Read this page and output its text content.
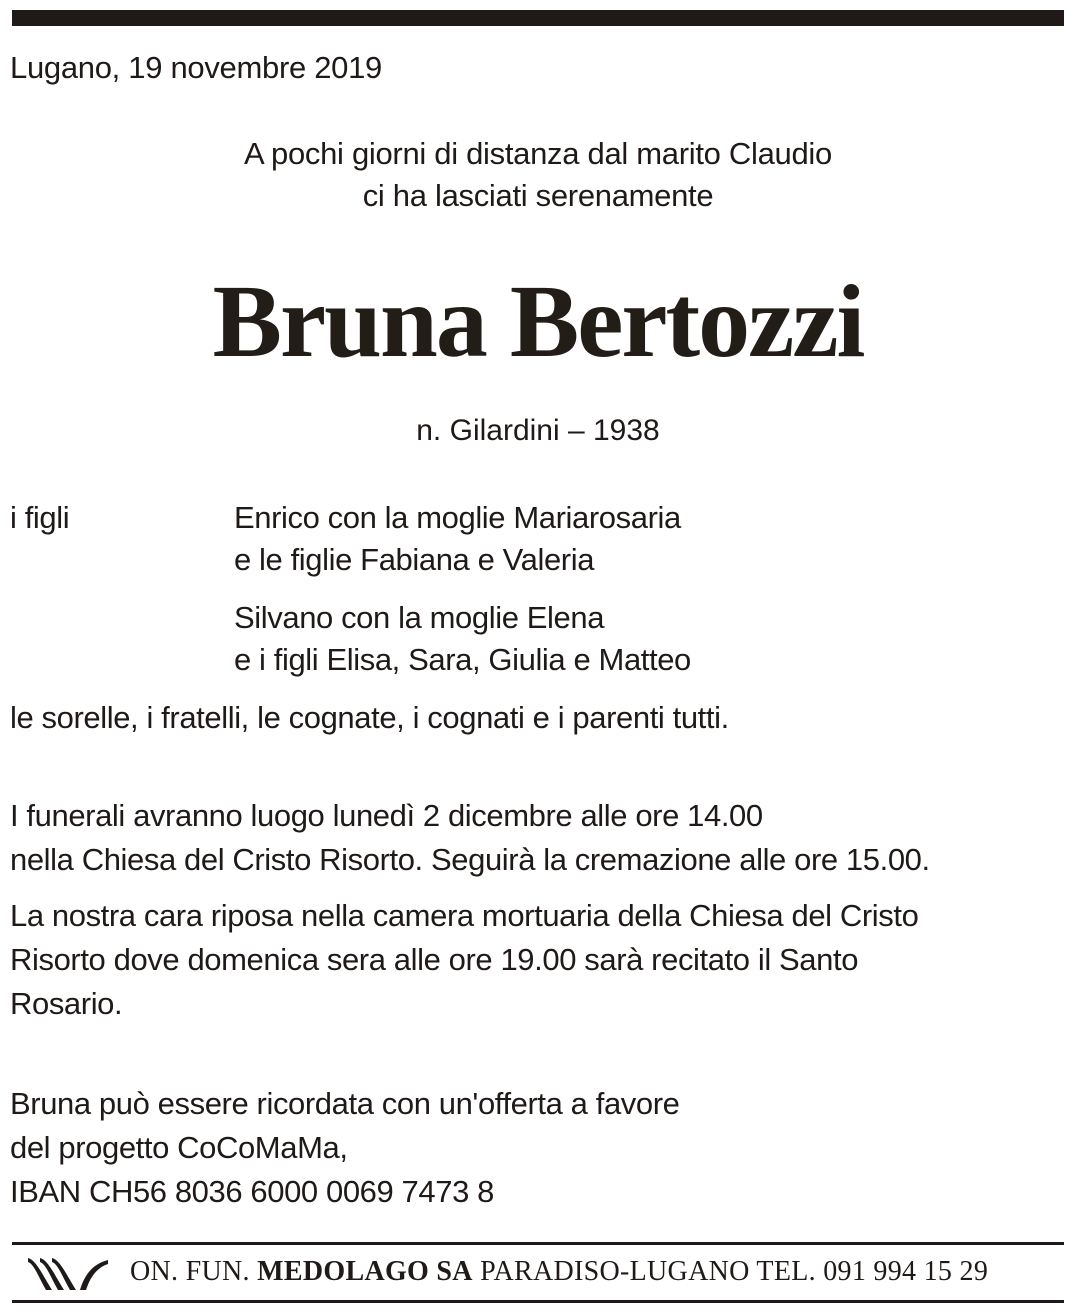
Lugano, 19 novembre 2019
A pochi giorni di distanza dal marito Claudio
ci ha lasciati serenamente
Bruna Bertozzi
n. Gilardini – 1938
i figli	Enrico con la moglie Mariarosaria
e le figlie Fabiana e Valeria
Silvano con la moglie Elena
e i figli Elisa, Sara, Giulia e Matteo
le sorelle, i fratelli, le cognate, i cognati e i parenti tutti.
I funerali avranno luogo lunedì 2 dicembre alle ore 14.00
nella Chiesa del Cristo Risorto. Seguirà la cremazione alle ore 15.00.
La nostra cara riposa nella camera mortuaria della Chiesa del Cristo
Risorto dove domenica sera alle ore 19.00 sarà recitato il Santo
Rosario.
Bruna può essere ricordata con un'offerta a favore
del progetto CoCoMaMa,
IBAN CH56 8036 6000 0069 7473 8
ON. FUN. MEDOLAGO SA PARADISO-LUGANO TEL. 091 994 15 29
